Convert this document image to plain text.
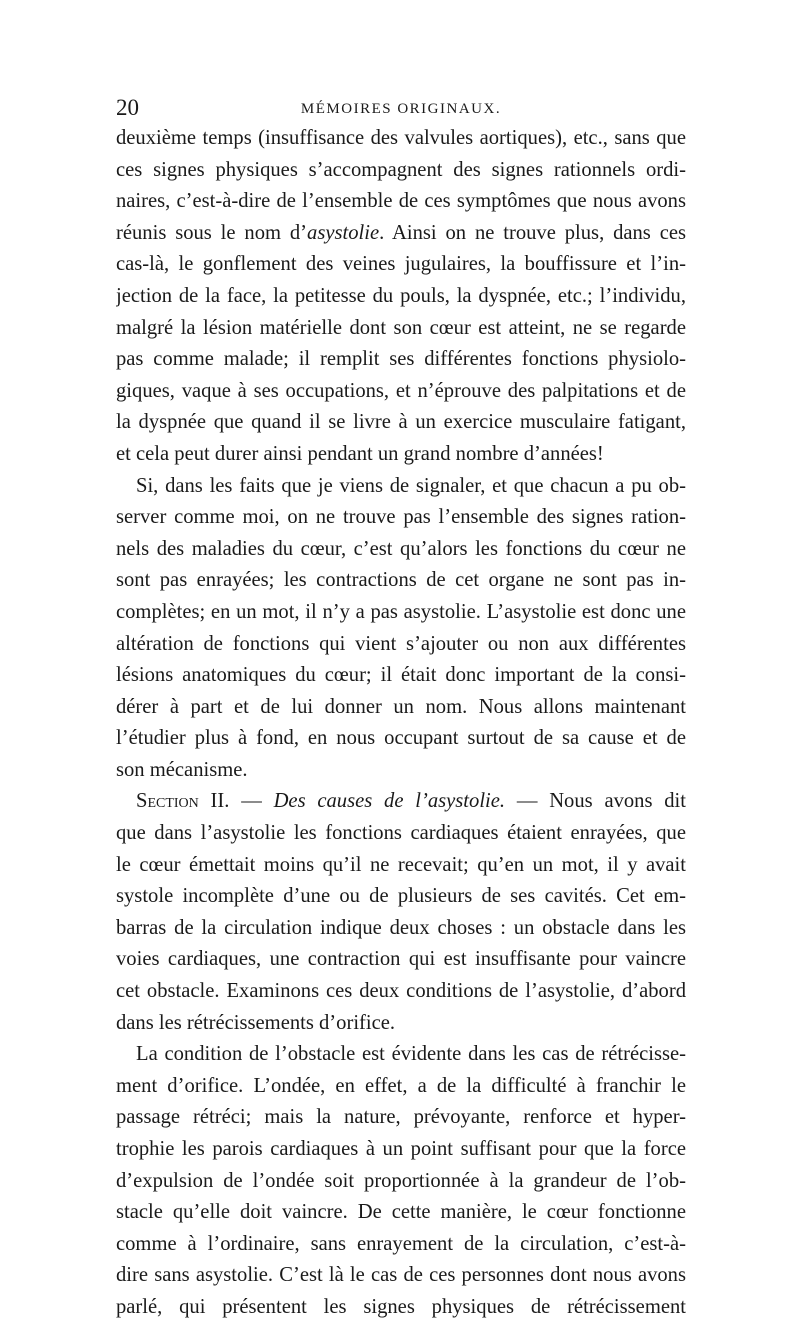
20	MÉMOIRES ORIGINAUX.
deuxième temps (insuffisance des valvules aortiques), etc., sans que
ces signes physiques s’accompagnent des signes rationnels ordi-
naires, c’est-à-dire de l’ensemble de ces symptômes que nous avons
réunis sous le nom d’asystolie. Ainsi on ne trouve plus, dans ces
cas-là, le gonflement des veines jugulaires, la bouffissure et l’in-
jection de la face, la petitesse du pouls, la dyspnée, etc.; l’individu,
malgré la lésion matérielle dont son cœur est atteint, ne se regarde
pas comme malade; il remplit ses différentes fonctions physiolo-
giques, vaque à ses occupations, et n’éprouve des palpitations et de
la dyspnée que quand il se livre à un exercice musculaire fatigant,
et cela peut durer ainsi pendant un grand nombre d’années!
Si, dans les faits que je viens de signaler, et que chacun a pu ob-
server comme moi, on ne trouve pas l’ensemble des signes ration-
nels des maladies du cœur, c’est qu’alors les fonctions du cœur ne
sont pas enrayées; les contractions de cet organe ne sont pas in-
complètes; en un mot, il n’y a pas asystolie. L’asystolie est donc une
altération de fonctions qui vient s’ajouter ou non aux différentes
lésions anatomiques du cœur; il était donc important de la consi-
dérer à part et de lui donner un nom. Nous allons maintenant
l’étudier plus à fond, en nous occupant surtout de sa cause et de
son mécanisme.
Section II. — Des causes de l’asystolie. — Nous avons dit
que dans l’asystolie les fonctions cardiaques étaient enrayées, que
le cœur émettait moins qu’il ne recevait; qu’en un mot, il y avait
systole incomplète d’une ou de plusieurs de ses cavités. Cet em-
barras de la circulation indique deux choses : un obstacle dans les
voies cardiaques, une contraction qui est insuffisante pour vaincre
cet obstacle. Examinons ces deux conditions de l’asystolie, d’abord
dans les rétrécissements d’orifice.
La condition de l’obstacle est évidente dans les cas de rétrécisse-
ment d’orifice. L’ondée, en effet, a de la difficulté à franchir le
passage rétréci; mais la nature, prévoyante, renforce et hyper-
trophie les parois cardiaques à un point suffisant pour que la force
d’expulsion de l’ondée soit proportionnée à la grandeur de l’ob-
stacle qu’elle doit vaincre. De cette manière, le cœur fonctionne
comme à l’ordinaire, sans enrayement de la circulation, c’est-à-
dire sans asystolie. C’est là le cas de ces personnes dont nous avons
parlé, qui présentent les signes physiques de rétrécissement
